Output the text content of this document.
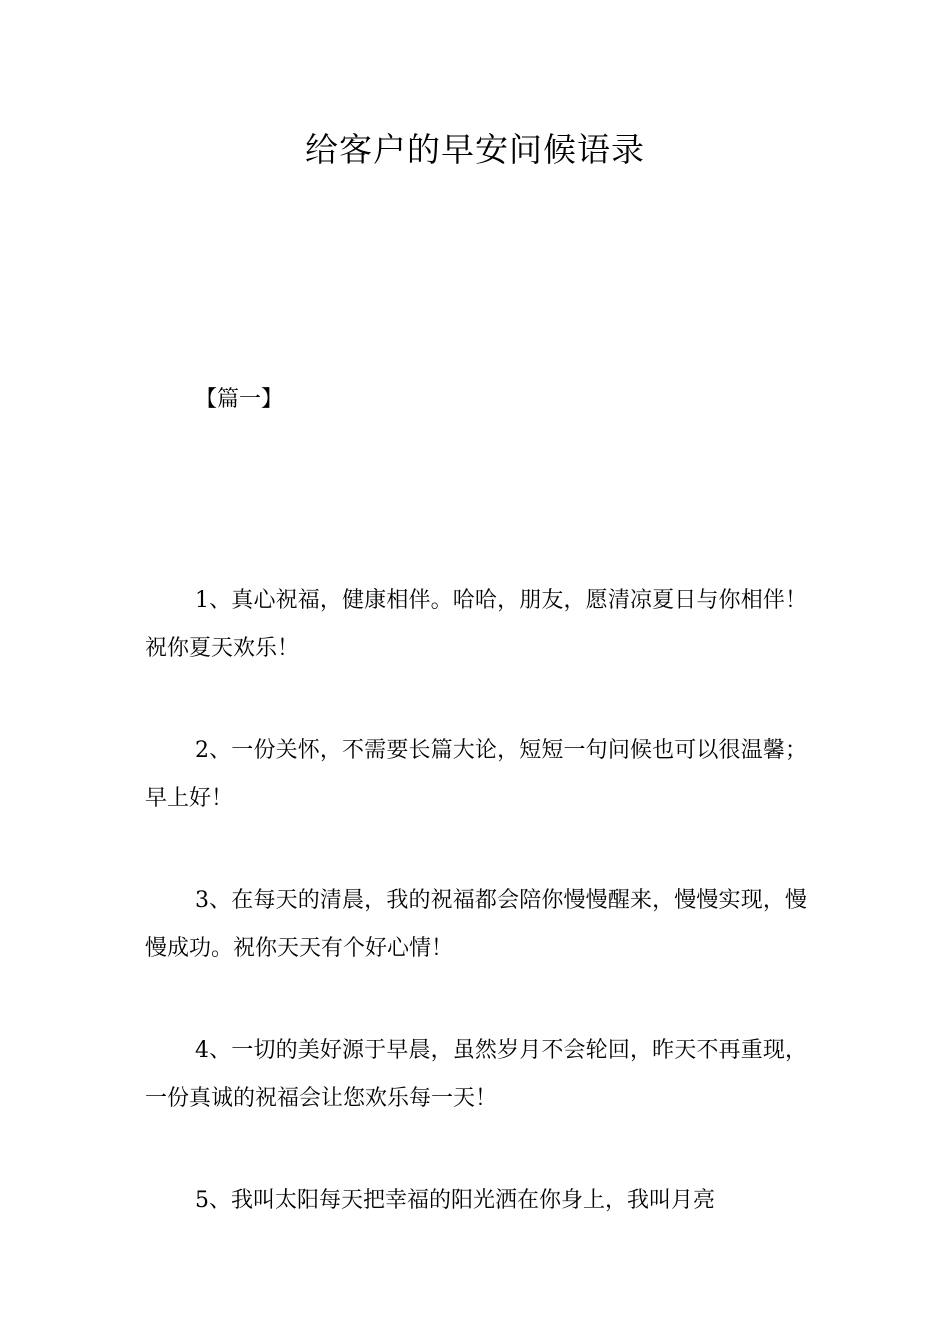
给客户的早安问候语录
【篇一】

1、真心祝福，健康相伴。哈哈，朋友，愿清凉夏日与你相伴！祝你夏天欢乐！

2、一份关怀，不需要长篇大论，短短一句问候也可以很温馨；早上好！

3、在每天的清晨，我的祝福都会陪你慢慢醒来，慢慢实现，慢慢成功。祝你天天有个好心情！

4、一切的美好源于早晨，虽然岁月不会轮回，昨天不再重现，一份真诚的祝福会让您欢乐每一天！

5、我叫太阳每天把幸福的阳光洒在你身上，我叫月亮
